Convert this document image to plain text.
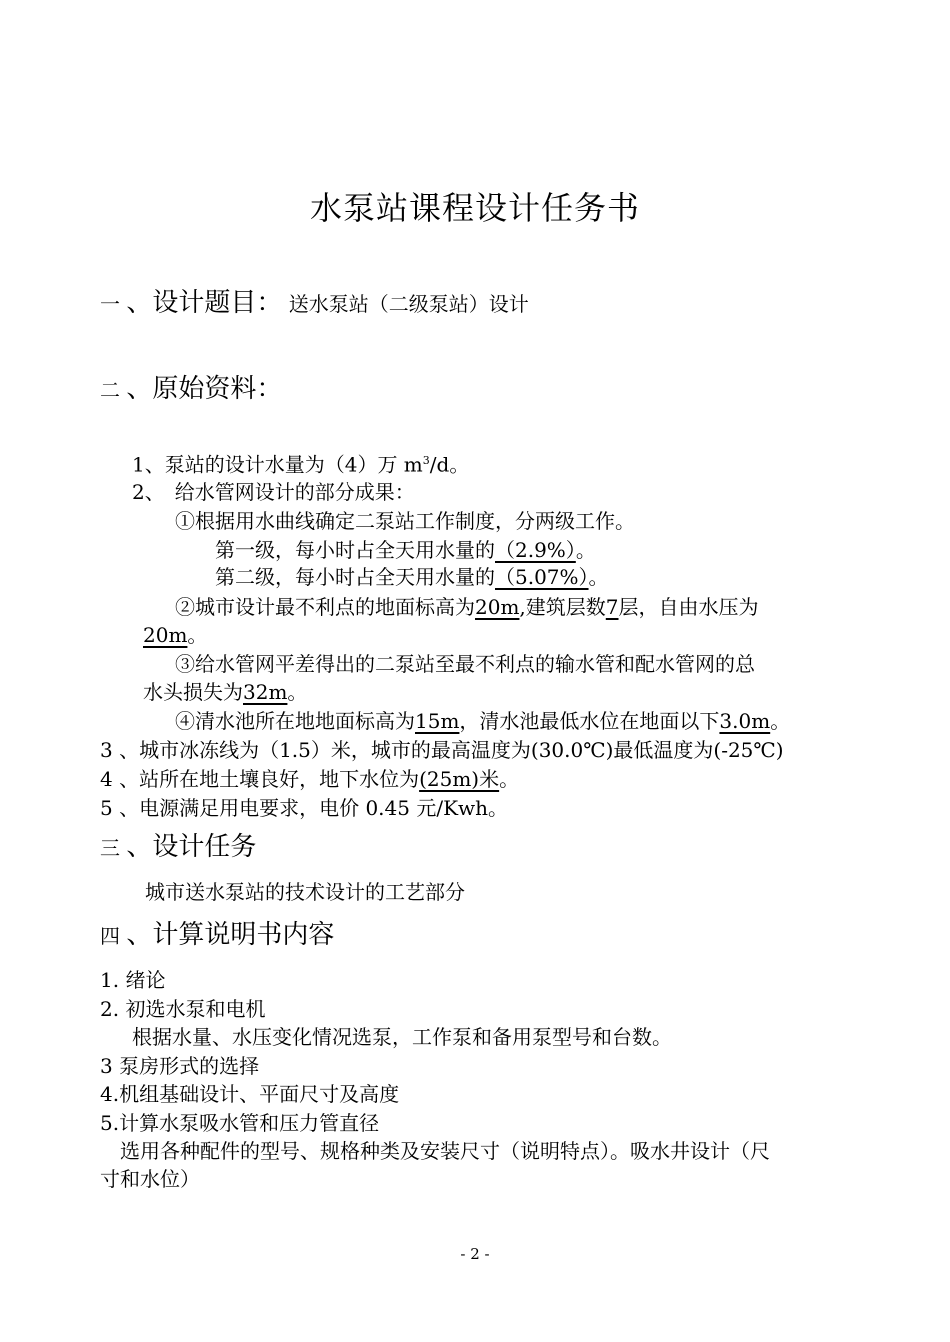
水泵站课程设计任务书
一 、设计题目： 送水泵站（二级泵站）设计
二 、原始资料：
1、泵站的设计水量为（4）万 $m^3/d$。
2、　给水管网设计的部分成果：
①根据用水曲线确定二泵站工作制度，分两级工作。
第一级，每小时占全天用水量的（2.9%）。
第二级，每小时占全天用水量的（5.07%）。
②城市设计最不利点的地面标高为20m,建筑层数7层，自由水压为
20m。
③给水管网平差得出的二泵站至最不利点的输水管和配水管网的总
水头损失为32m。
④清水池所在地地面标高为15m，清水池最低水位在地面以下3.0m。
3 、城市冰冻线为（1.5）米，城市的最高温度为(30.0℃)最低温度为(-25℃)
4 、站所在地土壤良好，地下水位为(25m)米。
5 、电源满足用电要求，电价 0.45 元/Kwh。
三 、设计任务
城市送水泵站的技术设计的工艺部分
四 、计算说明书内容
1. 绪论
2. 初选水泵和电机
根据水量、水压变化情况选泵，工作泵和备用泵型号和台数。
3 泵房形式的选择
4.机组基础设计、平面尺寸及高度
5.计算水泵吸水管和压力管直径
选用各种配件的型号、规格种类及安装尺寸（说明特点）。吸水井设计（尺
寸和水位）
- 2 -
